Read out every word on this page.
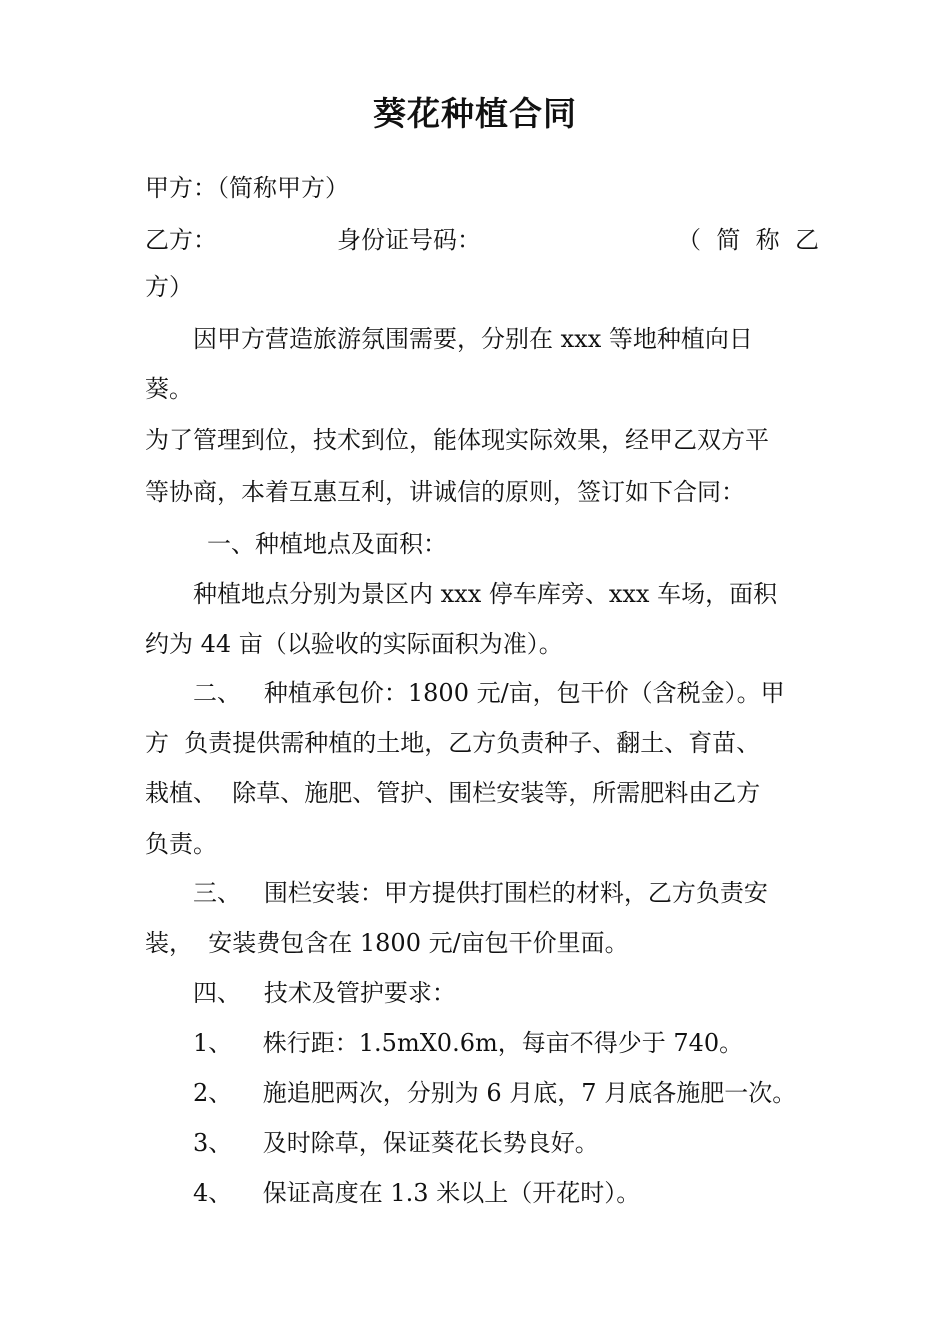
葵花种植合同
甲方：（简称甲方）
乙方：	身份证号码：	（ 简 称 乙
方）
因甲方营造旅游氛围需要，分别在 xxx 等地种植向日
葵。
为了管理到位，技术到位，能体现实际效果，经甲乙双方平
等协商，本着互惠互利，讲诚信的原则，签订如下合同：
一、种植地点及面积：
种植地点分别为景区内 xxx 停车库旁、xxx 车场，面积
约为 44 亩（以验收的实际面积为准）。
二、   种植承包价：1800 元/亩，包干价（含税金）。甲
方  负责提供需种植的土地，乙方负责种子、翻土、育苗、
栽植、  除草、施肥、管护、围栏安装等，所需肥料由乙方
负责。
三、   围栏安装：甲方提供打围栏的材料，乙方负责安
装，  安装费包含在 1800 元/亩包干价里面。
四、   技术及管护要求：
1、    株行距：1.5mX0.6m，每亩不得少于 740。
2、    施追肥两次，分别为 6 月底，7 月底各施肥一次。
3、    及时除草，保证葵花长势良好。
4、    保证高度在 1.3 米以上（开花时）。
